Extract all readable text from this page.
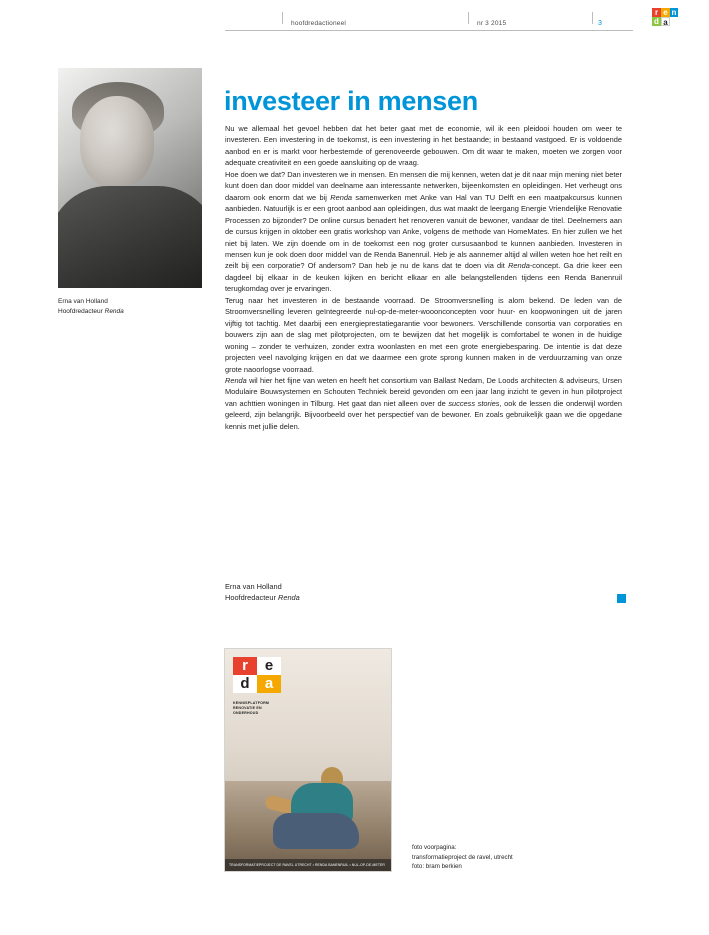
hoofdredactioneel	nr 3 2015	3
r e n
d a
Erna van Holland
Hoofdredacteur Renda
investeer in mensen

Nu we allemaal het gevoel hebben dat het beter gaat met de economie, wil ik een pleidooi houden om weer te investeren. Een investering in de toekomst, is een investering in het bestaande; in bestaand vastgoed. Er is voldoende aanbod en er is markt voor herbestemde of gerenoveerde gebouwen. Om dit waar te maken, moeten we zorgen voor adequate creativiteit en een goede aansluiting op de vraag.

Hoe doen we dat? Dan investeren we in mensen. En mensen die mij kennen, weten dat je dit naar mijn mening niet beter kunt doen dan door middel van deelname aan interessante netwerken, bijeenkomsten en opleidingen. Het verheugt ons daarom ook enorm dat we bij Renda samenwerken met Anke van Hal van TU Delft en een maatpakcursus kunnen aanbieden. Natuurlijk is er een groot aanbod aan opleidingen, dus wat maakt de leergang Energie Vriendelijke Renovatie Processen zo bijzonder? De online cursus benadert het renoveren vanuit de bewoner, vandaar de titel. Deelnemers aan de cursus krijgen in oktober een gratis workshop van Anke, volgens de methode van HomeMates. En hier zullen we het niet bij laten. We zijn doende om in de toekomst een nog groter cursusaanbod te kunnen aanbieden. Investeren in mensen kun je ook doen door middel van de Renda Banenruil. Heb je als aannemer altijd al willen weten hoe het reilt en zeilt bij een corporatie? Of andersom? Dan heb je nu de kans dat te doen via dit Renda-concept. Ga drie keer een dagdeel bij elkaar in de keuken kijken en bericht elkaar en alle belangstellenden tijdens een Renda Banenruil terugkomdag over je ervaringen.

Terug naar het investeren in de bestaande voorraad. De Stroomversnelling is alom bekend. De leden van de Stroomversnelling leveren geïntegreerde nul-op-de-meter-wooonconcepten voor huur- en koopwoningen uit de jaren vijftig tot tachtig. Met daarbij een energieprestatiegarantie voor bewoners. Verschillende consortia van corporaties en bouwers zijn aan de slag met pilotprojecten, om te bewijzen dat het mogelijk is comfortabel te wonen in de huidige woning – zonder te verhuizen, zonder extra woonlasten en met een grote energiebesparing. De intentie is dat deze projecten veel navolging krijgen en dat we daarmee een grote sprong kunnen maken in de verduurzaming van onze grote naoorlogse voorraad.

Renda wil hier het fijne van weten en heeft het consortium van Ballast Nedam, De Loods architecten & adviseurs, Ursen Modulaire Bouwsystemen en Schouten Techniek bereid gevonden om een jaar lang inzicht te geven in hun pilotproject van achttien woningen in Tilburg. Het gaat dan niet alleen over de success stories, ook de lessen die onderwijl worden geleerd, zijn belangrijk. Bijvoorbeeld over het perspectief van de bewoner. En zoals gebruikelijk gaan we die opgedane kennis met jullie delen.

Erna van Holland
Hoofdredacteur Renda
r	e
d	a
KENNISPLATFORM RENOVATIE EN ONDERHOUD
TRANSFORMATIEPROJECT DE RAVEL UTRECHT • RENDA BANENRUIL • NUL-OP-DE-METER
foto voorpagina:
transformatieproject de ravel, utrecht
foto: bram berkien
